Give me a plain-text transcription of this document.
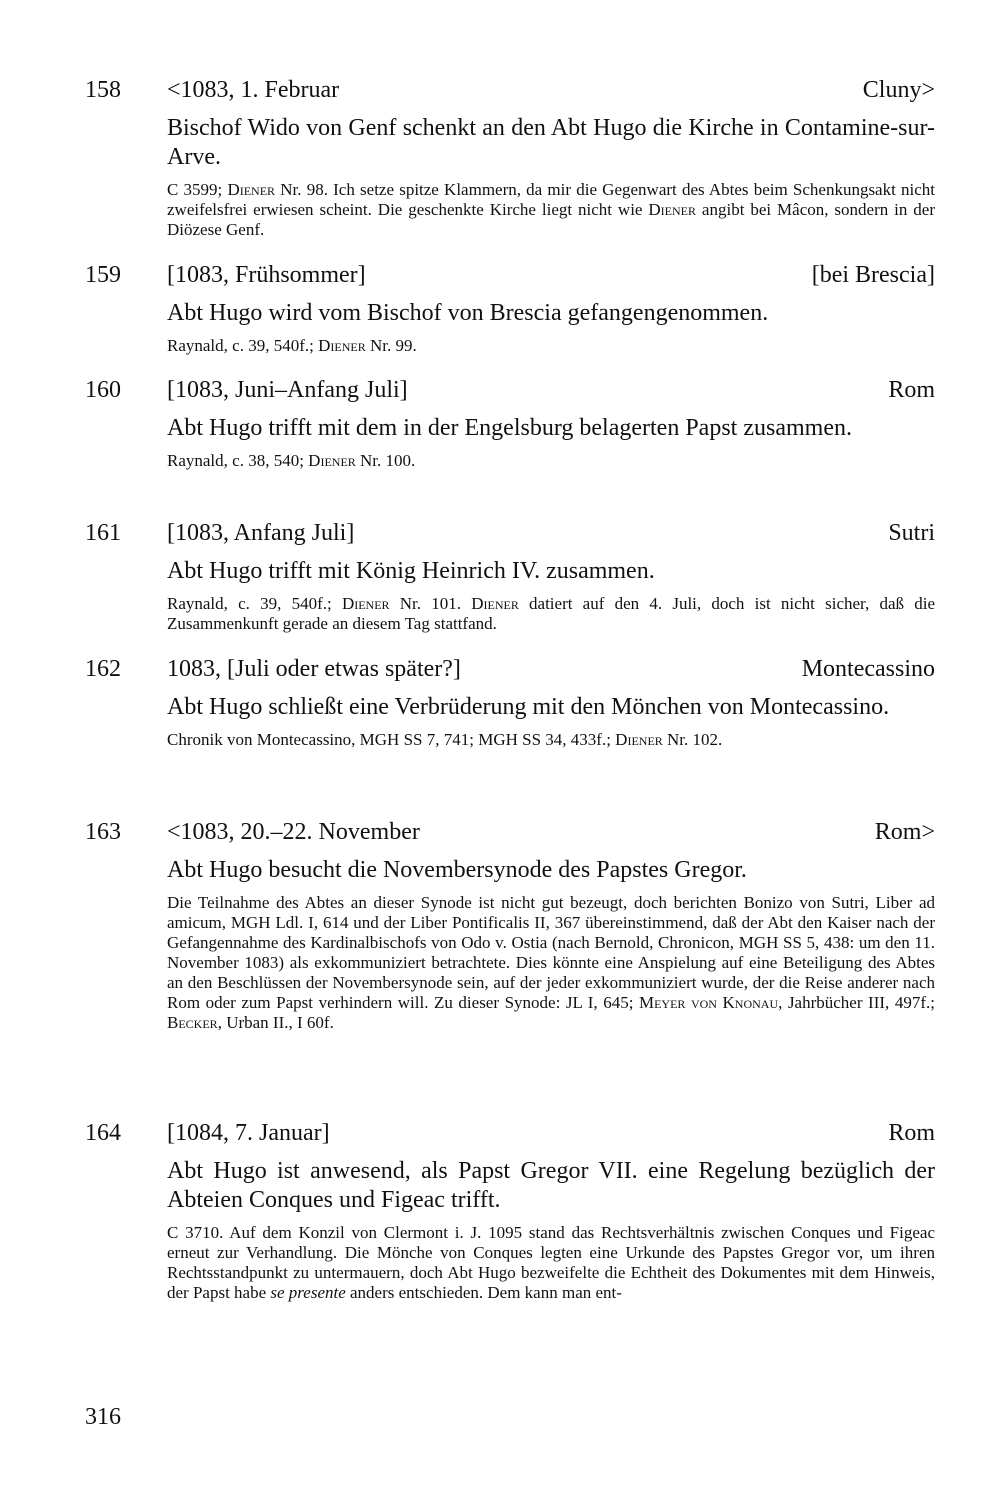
158 <1083, 1. Februar	Cluny>
Bischof Wido von Genf schenkt an den Abt Hugo die Kirche in Contamine-sur-Arve.
C 3599; Diener Nr. 98. Ich setze spitze Klammern, da mir die Gegenwart des Abtes beim Schenkungsakt nicht zweifelsfrei erwiesen scheint. Die geschenkte Kirche liegt nicht wie Diener angibt bei Mâcon, sondern in der Diözese Genf.
159 [1083, Frühsommer]	[bei Brescia]
Abt Hugo wird vom Bischof von Brescia gefangengenommen.
Raynald, c. 39, 540f.; Diener Nr. 99.
160 [1083, Juni–Anfang Juli]	Rom
Abt Hugo trifft mit dem in der Engelsburg belagerten Papst zusammen.
Raynald, c. 38, 540; Diener Nr. 100.
161 [1083, Anfang Juli]	Sutri
Abt Hugo trifft mit König Heinrich IV. zusammen.
Raynald, c. 39, 540f.; Diener Nr. 101. Diener datiert auf den 4. Juli, doch ist nicht sicher, daß die Zusammenkunft gerade an diesem Tag stattfand.
162 1083, [Juli oder etwas später?]	Montecassino
Abt Hugo schließt eine Verbrüderung mit den Mönchen von Montecassino.
Chronik von Montecassino, MGH SS 7, 741; MGH SS 34, 433f.; Diener Nr. 102.
163 <1083, 20.–22. November	Rom>
Abt Hugo besucht die Novembersynode des Papstes Gregor.
Die Teilnahme des Abtes an dieser Synode ist nicht gut bezeugt, doch berichten Bonizo von Sutri, Liber ad amicum, MGH Ldl. I, 614 und der Liber Pontificalis II, 367 übereinstimmend, daß der Abt den Kaiser nach der Gefangennahme des Kardinalbischofs von Odo v. Ostia (nach Bernold, Chronicon, MGH SS 5, 438: um den 11. November 1083) als exkommuniziert betrachtete. Dies könnte eine Anspielung auf eine Beteiligung des Abtes an den Beschlüssen der Novembersynode sein, auf der jeder exkommuniziert wurde, der die Reise anderer nach Rom oder zum Papst verhindern will. Zu dieser Synode: JL I, 645; Meyer von Knonau, Jahrbücher III, 497f.; Becker, Urban II., I 60f.
164 [1084, 7. Januar]	Rom
Abt Hugo ist anwesend, als Papst Gregor VII. eine Regelung bezüglich der Abteien Conques und Figeac trifft.
C 3710. Auf dem Konzil von Clermont i. J. 1095 stand das Rechtsverhältnis zwischen Conques und Figeac erneut zur Verhandlung. Die Mönche von Conques legten eine Urkunde des Papstes Gregor vor, um ihren Rechtsstandpunkt zu untermauern, doch Abt Hugo bezweifelte die Echtheit des Dokumentes mit dem Hinweis, der Papst habe se presente anders entschieden. Dem kann man ent-
316
